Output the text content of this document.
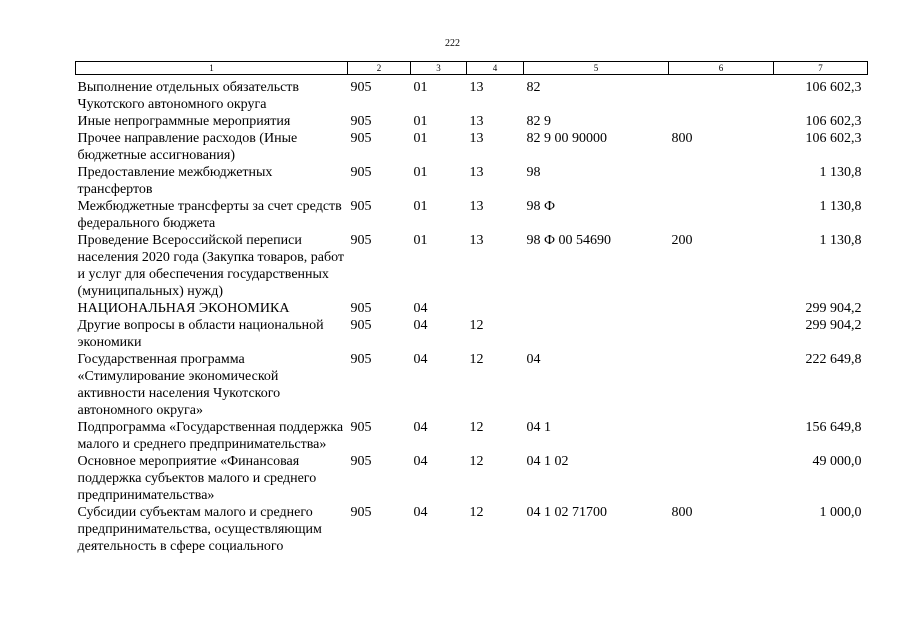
222
1	2	3	4	5	6	7
Выполнение отдельных обязательств Чукотского автономного округа	905	01	13	82		106 602,3
Иные непрограммные мероприятия	905	01	13	82 9		106 602,3
Прочее направление расходов (Иные бюджетные ассигнования)	905	01	13	82 9 00 90000	800	106 602,3
Предоставление межбюджетных трансфертов	905	01	13	98		1 130,8
Межбюджетные трансферты за счет средств федерального бюджета	905	01	13	98 Ф		1 130,8
Проведение Всероссийской переписи населения 2020 года (Закупка товаров, работ и услуг для обеспечения государственных (муниципальных) нужд)	905	01	13	98 Ф 00 54690	200	1 130,8
НАЦИОНАЛЬНАЯ ЭКОНОМИКА	905	04				299 904,2
Другие вопросы в области национальной экономики	905	04	12			299 904,2
Государственная программа «Стимулирование экономической активности населения Чукотского автономного округа»	905	04	12	04		222 649,8
Подпрограмма «Государственная поддержка малого и среднего предпринимательства»	905	04	12	04 1		156 649,8
Основное мероприятие «Финансовая поддержка субъектов малого и среднего предпринимательства»	905	04	12	04 1 02		49 000,0
Субсидии субъектам малого и среднего предпринимательства, осуществляющим деятельность в сфере социального	905	04	12	04 1 02 71700	800	1 000,0
